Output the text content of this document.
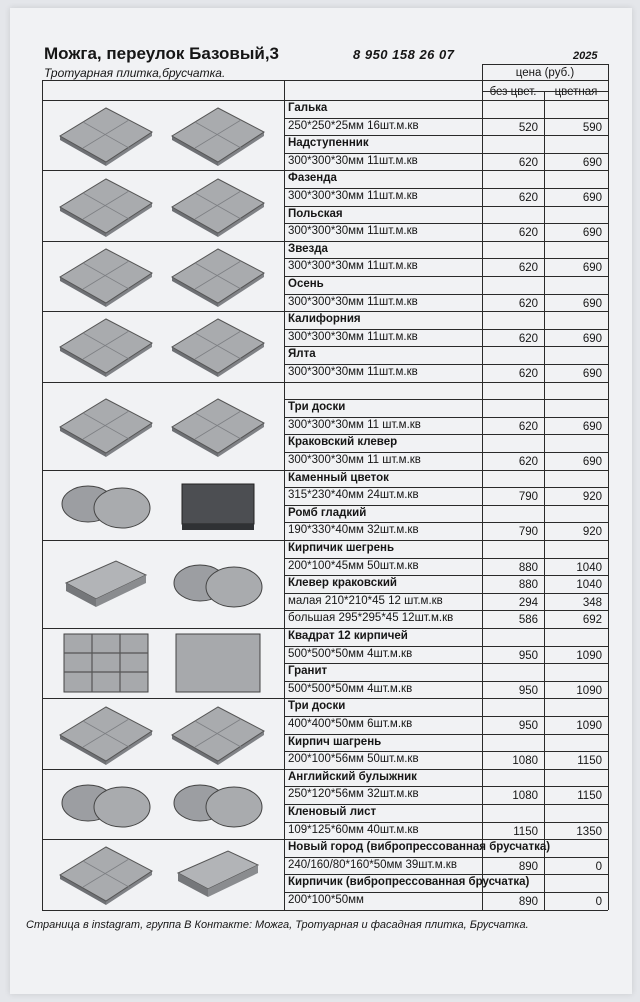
Можга, переулок Базовый,3	8 950 158 26 07	2025
Тротуарная плитка,брусчатка.	цена (руб.)
без цвет.	цветная
Галька
250*250*25мм 16шт.м.кв	520	590
Надступенник
300*300*30мм 11шт.м.кв	620	690
Фазенда
300*300*30мм 11шт.м.кв	620	690
Польская
300*300*30мм 11шт.м.кв	620	690
Звезда
300*300*30мм 11шт.м.кв	620	690
Осень
300*300*30мм 11шт.м.кв	620	690
Калифорния
300*300*30мм 11шт.м.кв	620	690
Ялта
300*300*30мм 11шт.м.кв	620	690
Три доски
300*300*30мм 11 шт.м.кв	620	690
Краковский клевер
300*300*30мм 11 шт.м.кв	620	690
Каменный цветок
315*230*40мм 24шт.м.кв	790	920
Ромб гладкий
190*330*40мм 32шт.м.кв	790	920
Кирпичик шегрень
200*100*45мм 50шт.м.кв	880	1040
Клевер краковский	880	1040
малая 210*210*45 12 шт.м.кв	294	348
большая 295*295*45 12шт.м.кв	586	692
Квадрат 12 кирпичей
500*500*50мм 4шт.м.кв	950	1090
Гранит
500*500*50мм 4шт.м.кв	950	1090
Три доски
400*400*50мм 6шт.м.кв	950	1090
Кирпич шагрень
200*100*56мм 50шт.м.кв	1080	1150
Английский булыжник
250*120*56мм 32шт.м.кв	1080	1150
Кленовый лист
109*125*60мм 40шт.м.кв	1150	1350
Новый город (вибропрессованная брусчатка)
240/160/80*160*50мм 39шт.м.кв	890	0
Кирпичик (вибропрессованная брусчатка)
200*100*50мм	890	0
Страница в instagram, группа В Контакте: Можга, Тротуарная и фасадная плитка, Брусчатка.
